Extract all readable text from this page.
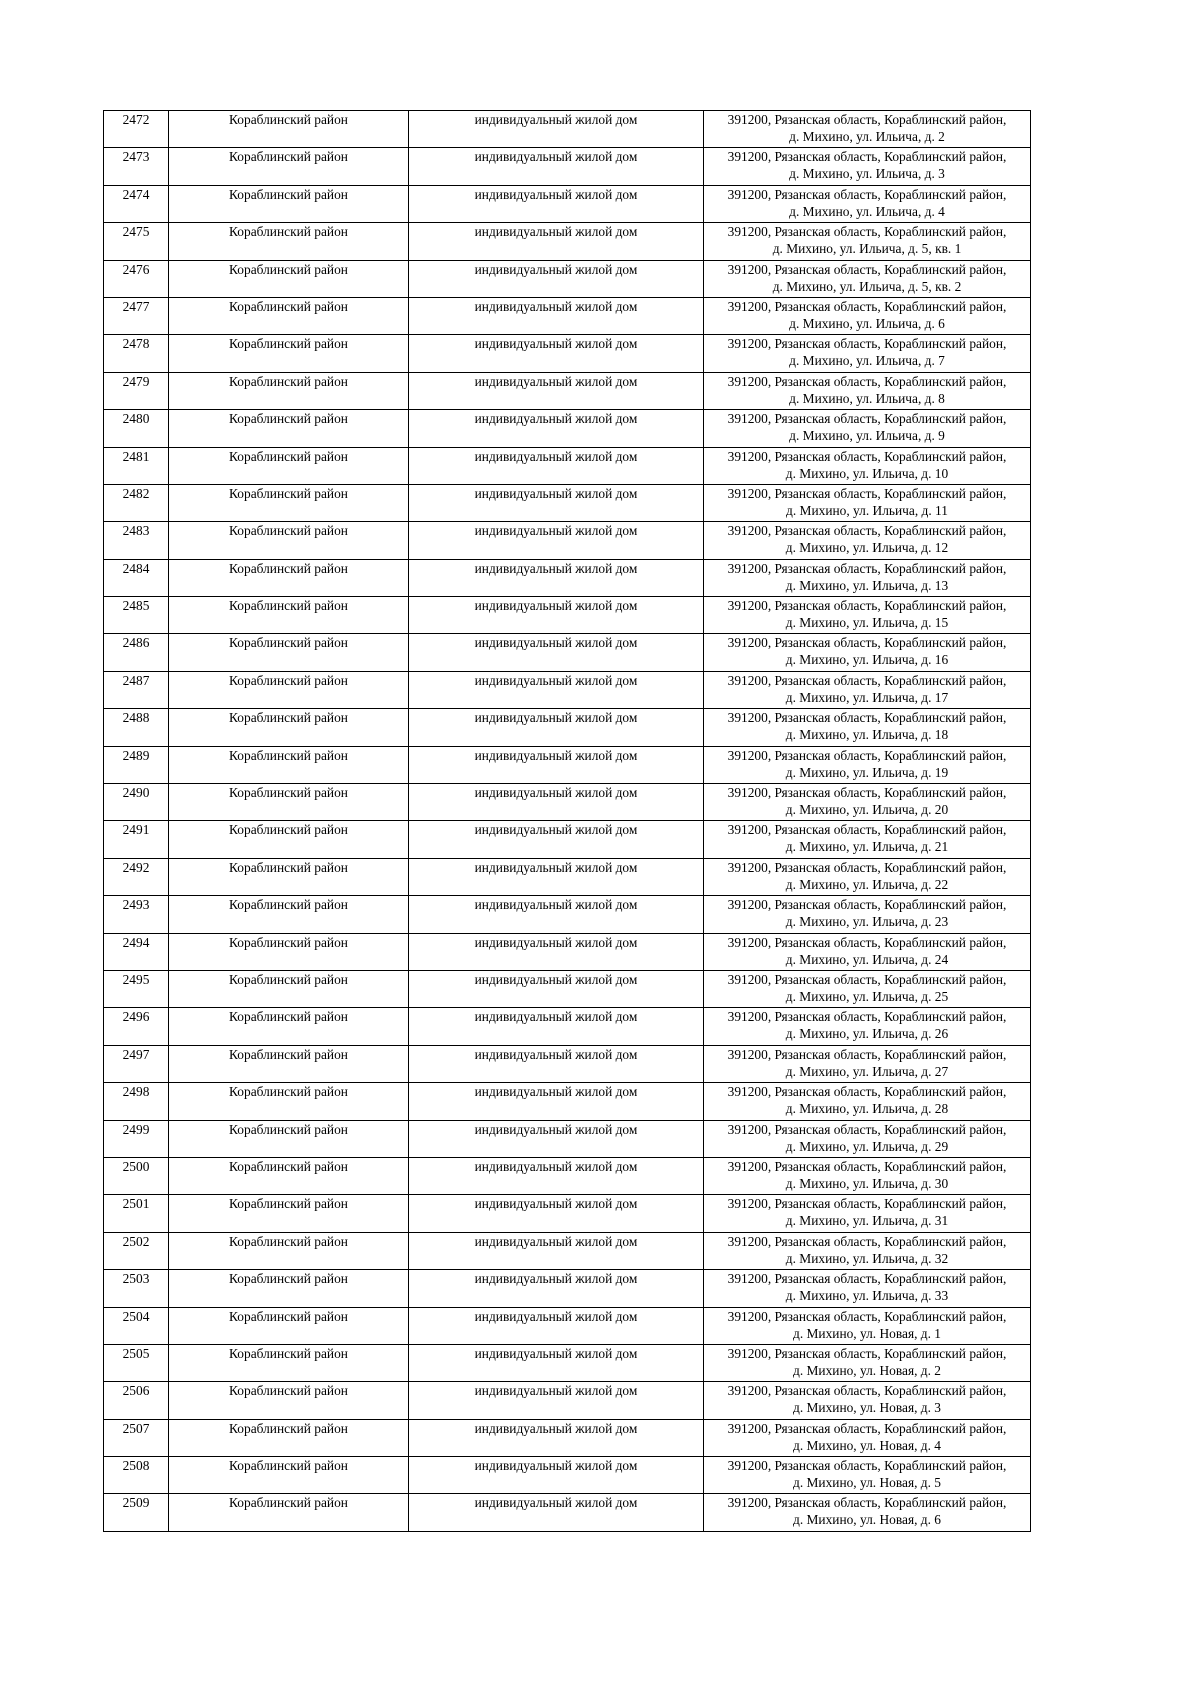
2472	Кораблинский район	индивидуальный жилой дом	391200, Рязанская область, Кораблинский район,
д. Михино, ул. Ильича, д. 2

2473	Кораблинский район	индивидуальный жилой дом	391200, Рязанская область, Кораблинский район,
д. Михино, ул. Ильича, д. 3

2474	Кораблинский район	индивидуальный жилой дом	391200, Рязанская область, Кораблинский район,
д. Михино, ул. Ильича, д. 4

2475	Кораблинский район	индивидуальный жилой дом	391200, Рязанская область, Кораблинский район,
д. Михино, ул. Ильича, д. 5, кв. 1

2476	Кораблинский район	индивидуальный жилой дом	391200, Рязанская область, Кораблинский район,
д. Михино, ул. Ильича, д. 5, кв. 2

2477	Кораблинский район	индивидуальный жилой дом	391200, Рязанская область, Кораблинский район,
д. Михино, ул. Ильича, д. 6

2478	Кораблинский район	индивидуальный жилой дом	391200, Рязанская область, Кораблинский район,
д. Михино, ул. Ильича, д. 7

2479	Кораблинский район	индивидуальный жилой дом	391200, Рязанская область, Кораблинский район,
д. Михино, ул. Ильича, д. 8

2480	Кораблинский район	индивидуальный жилой дом	391200, Рязанская область, Кораблинский район,
д. Михино, ул. Ильича, д. 9

2481	Кораблинский район	индивидуальный жилой дом	391200, Рязанская область, Кораблинский район,
д. Михино, ул. Ильича, д. 10

2482	Кораблинский район	индивидуальный жилой дом	391200, Рязанская область, Кораблинский район,
д. Михино, ул. Ильича, д. 11

2483	Кораблинский район	индивидуальный жилой дом	391200, Рязанская область, Кораблинский район,
д. Михино, ул. Ильича, д. 12

2484	Кораблинский район	индивидуальный жилой дом	391200, Рязанская область, Кораблинский район,
д. Михино, ул. Ильича, д. 13

2485	Кораблинский район	индивидуальный жилой дом	391200, Рязанская область, Кораблинский район,
д. Михино, ул. Ильича, д. 15

2486	Кораблинский район	индивидуальный жилой дом	391200, Рязанская область, Кораблинский район,
д. Михино, ул. Ильича, д. 16

2487	Кораблинский район	индивидуальный жилой дом	391200, Рязанская область, Кораблинский район,
д. Михино, ул. Ильича, д. 17

2488	Кораблинский район	индивидуальный жилой дом	391200, Рязанская область, Кораблинский район,
д. Михино, ул. Ильича, д. 18

2489	Кораблинский район	индивидуальный жилой дом	391200, Рязанская область, Кораблинский район,
д. Михино, ул. Ильича, д. 19

2490	Кораблинский район	индивидуальный жилой дом	391200, Рязанская область, Кораблинский район,
д. Михино, ул. Ильича, д. 20

2491	Кораблинский район	индивидуальный жилой дом	391200, Рязанская область, Кораблинский район,
д. Михино, ул. Ильича, д. 21

2492	Кораблинский район	индивидуальный жилой дом	391200, Рязанская область, Кораблинский район,
д. Михино, ул. Ильича, д. 22

2493	Кораблинский район	индивидуальный жилой дом	391200, Рязанская область, Кораблинский район,
д. Михино, ул. Ильича, д. 23

2494	Кораблинский район	индивидуальный жилой дом	391200, Рязанская область, Кораблинский район,
д. Михино, ул. Ильича, д. 24

2495	Кораблинский район	индивидуальный жилой дом	391200, Рязанская область, Кораблинский район,
д. Михино, ул. Ильича, д. 25

2496	Кораблинский район	индивидуальный жилой дом	391200, Рязанская область, Кораблинский район,
д. Михино, ул. Ильича, д. 26

2497	Кораблинский район	индивидуальный жилой дом	391200, Рязанская область, Кораблинский район,
д. Михино, ул. Ильича, д. 27

2498	Кораблинский район	индивидуальный жилой дом	391200, Рязанская область, Кораблинский район,
д. Михино, ул. Ильича, д. 28

2499	Кораблинский район	индивидуальный жилой дом	391200, Рязанская область, Кораблинский район,
д. Михино, ул. Ильича, д. 29

2500	Кораблинский район	индивидуальный жилой дом	391200, Рязанская область, Кораблинский район,
д. Михино, ул. Ильича, д. 30

2501	Кораблинский район	индивидуальный жилой дом	391200, Рязанская область, Кораблинский район,
д. Михино, ул. Ильича, д. 31

2502	Кораблинский район	индивидуальный жилой дом	391200, Рязанская область, Кораблинский район,
д. Михино, ул. Ильича, д. 32

2503	Кораблинский район	индивидуальный жилой дом	391200, Рязанская область, Кораблинский район,
д. Михино, ул. Ильича, д. 33

2504	Кораблинский район	индивидуальный жилой дом	391200, Рязанская область, Кораблинский район,
д. Михино, ул. Новая, д. 1

2505	Кораблинский район	индивидуальный жилой дом	391200, Рязанская область, Кораблинский район,
д. Михино, ул. Новая, д. 2

2506	Кораблинский район	индивидуальный жилой дом	391200, Рязанская область, Кораблинский район,
д. Михино, ул. Новая, д. 3

2507	Кораблинский район	индивидуальный жилой дом	391200, Рязанская область, Кораблинский район,
д. Михино, ул. Новая, д. 4

2508	Кораблинский район	индивидуальный жилой дом	391200, Рязанская область, Кораблинский район,
д. Михино, ул. Новая, д. 5

2509	Кораблинский район	индивидуальный жилой дом	391200, Рязанская область, Кораблинский район,
д. Михино, ул. Новая, д. 6
